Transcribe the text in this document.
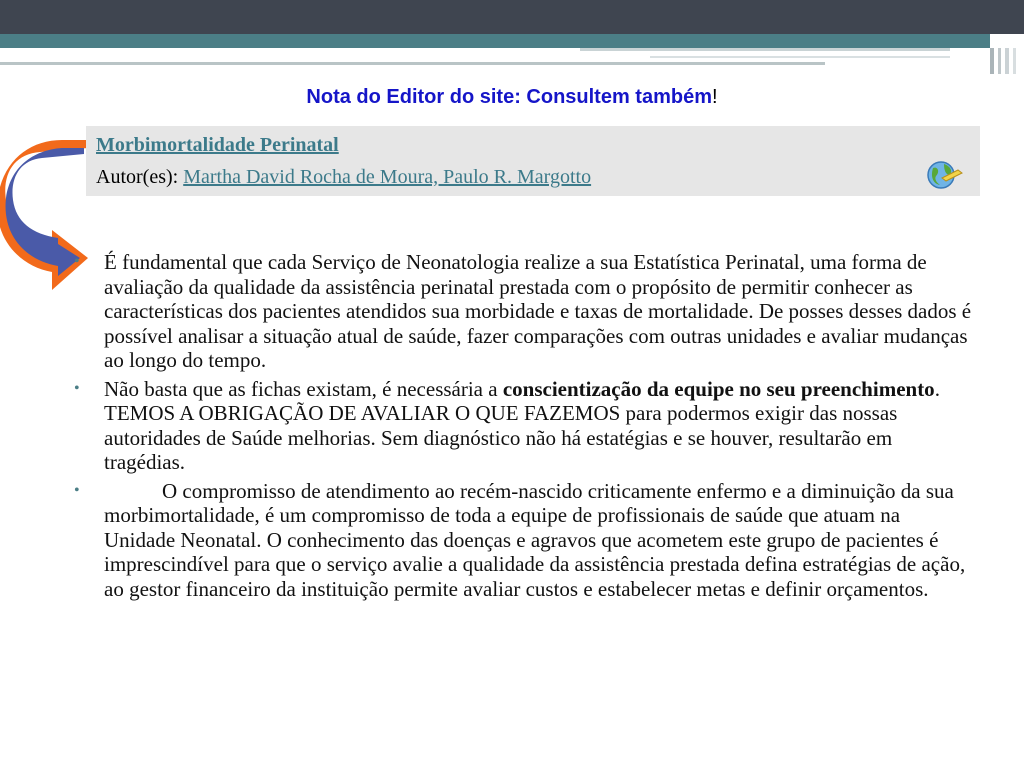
Nota do Editor do site: Consultem também!
Morbimortalidade Perinatal
Autor(es): Martha David Rocha de Moura, Paulo R. Margotto
• É fundamental que cada Serviço de Neonatologia realize a sua Estatística Perinatal, uma forma de avaliação da qualidade da assistência perinatal prestada com o propósito de permitir conhecer as características dos pacientes atendidos sua morbidade e taxas de mortalidade. De posses desses dados é possível analisar a situação atual de saúde, fazer comparações com outras unidades e avaliar mudanças ao longo do tempo.
• Não basta que as fichas existam, é necessária a conscientização da equipe no seu preenchimento. TEMOS A OBRIGAÇÃO DE AVALIAR O QUE FAZEMOS para podermos exigir das nossas autoridades de Saúde melhorias. Sem diagnóstico não há estatégias e se houver, resultarão em tragédias.
•	O compromisso de atendimento ao recém-nascido criticamente enfermo e a diminuição da sua morbimortalidade, é um compromisso de toda a equipe de profissionais de saúde que atuam na Unidade Neonatal. O conhecimento das doenças e agravos que acometem este grupo de pacientes é imprescindível para que o serviço avalie a qualidade da assistência prestada defina estratégias de ação, ao gestor financeiro da instituição permite avaliar custos e estabelecer metas e definir orçamentos.
